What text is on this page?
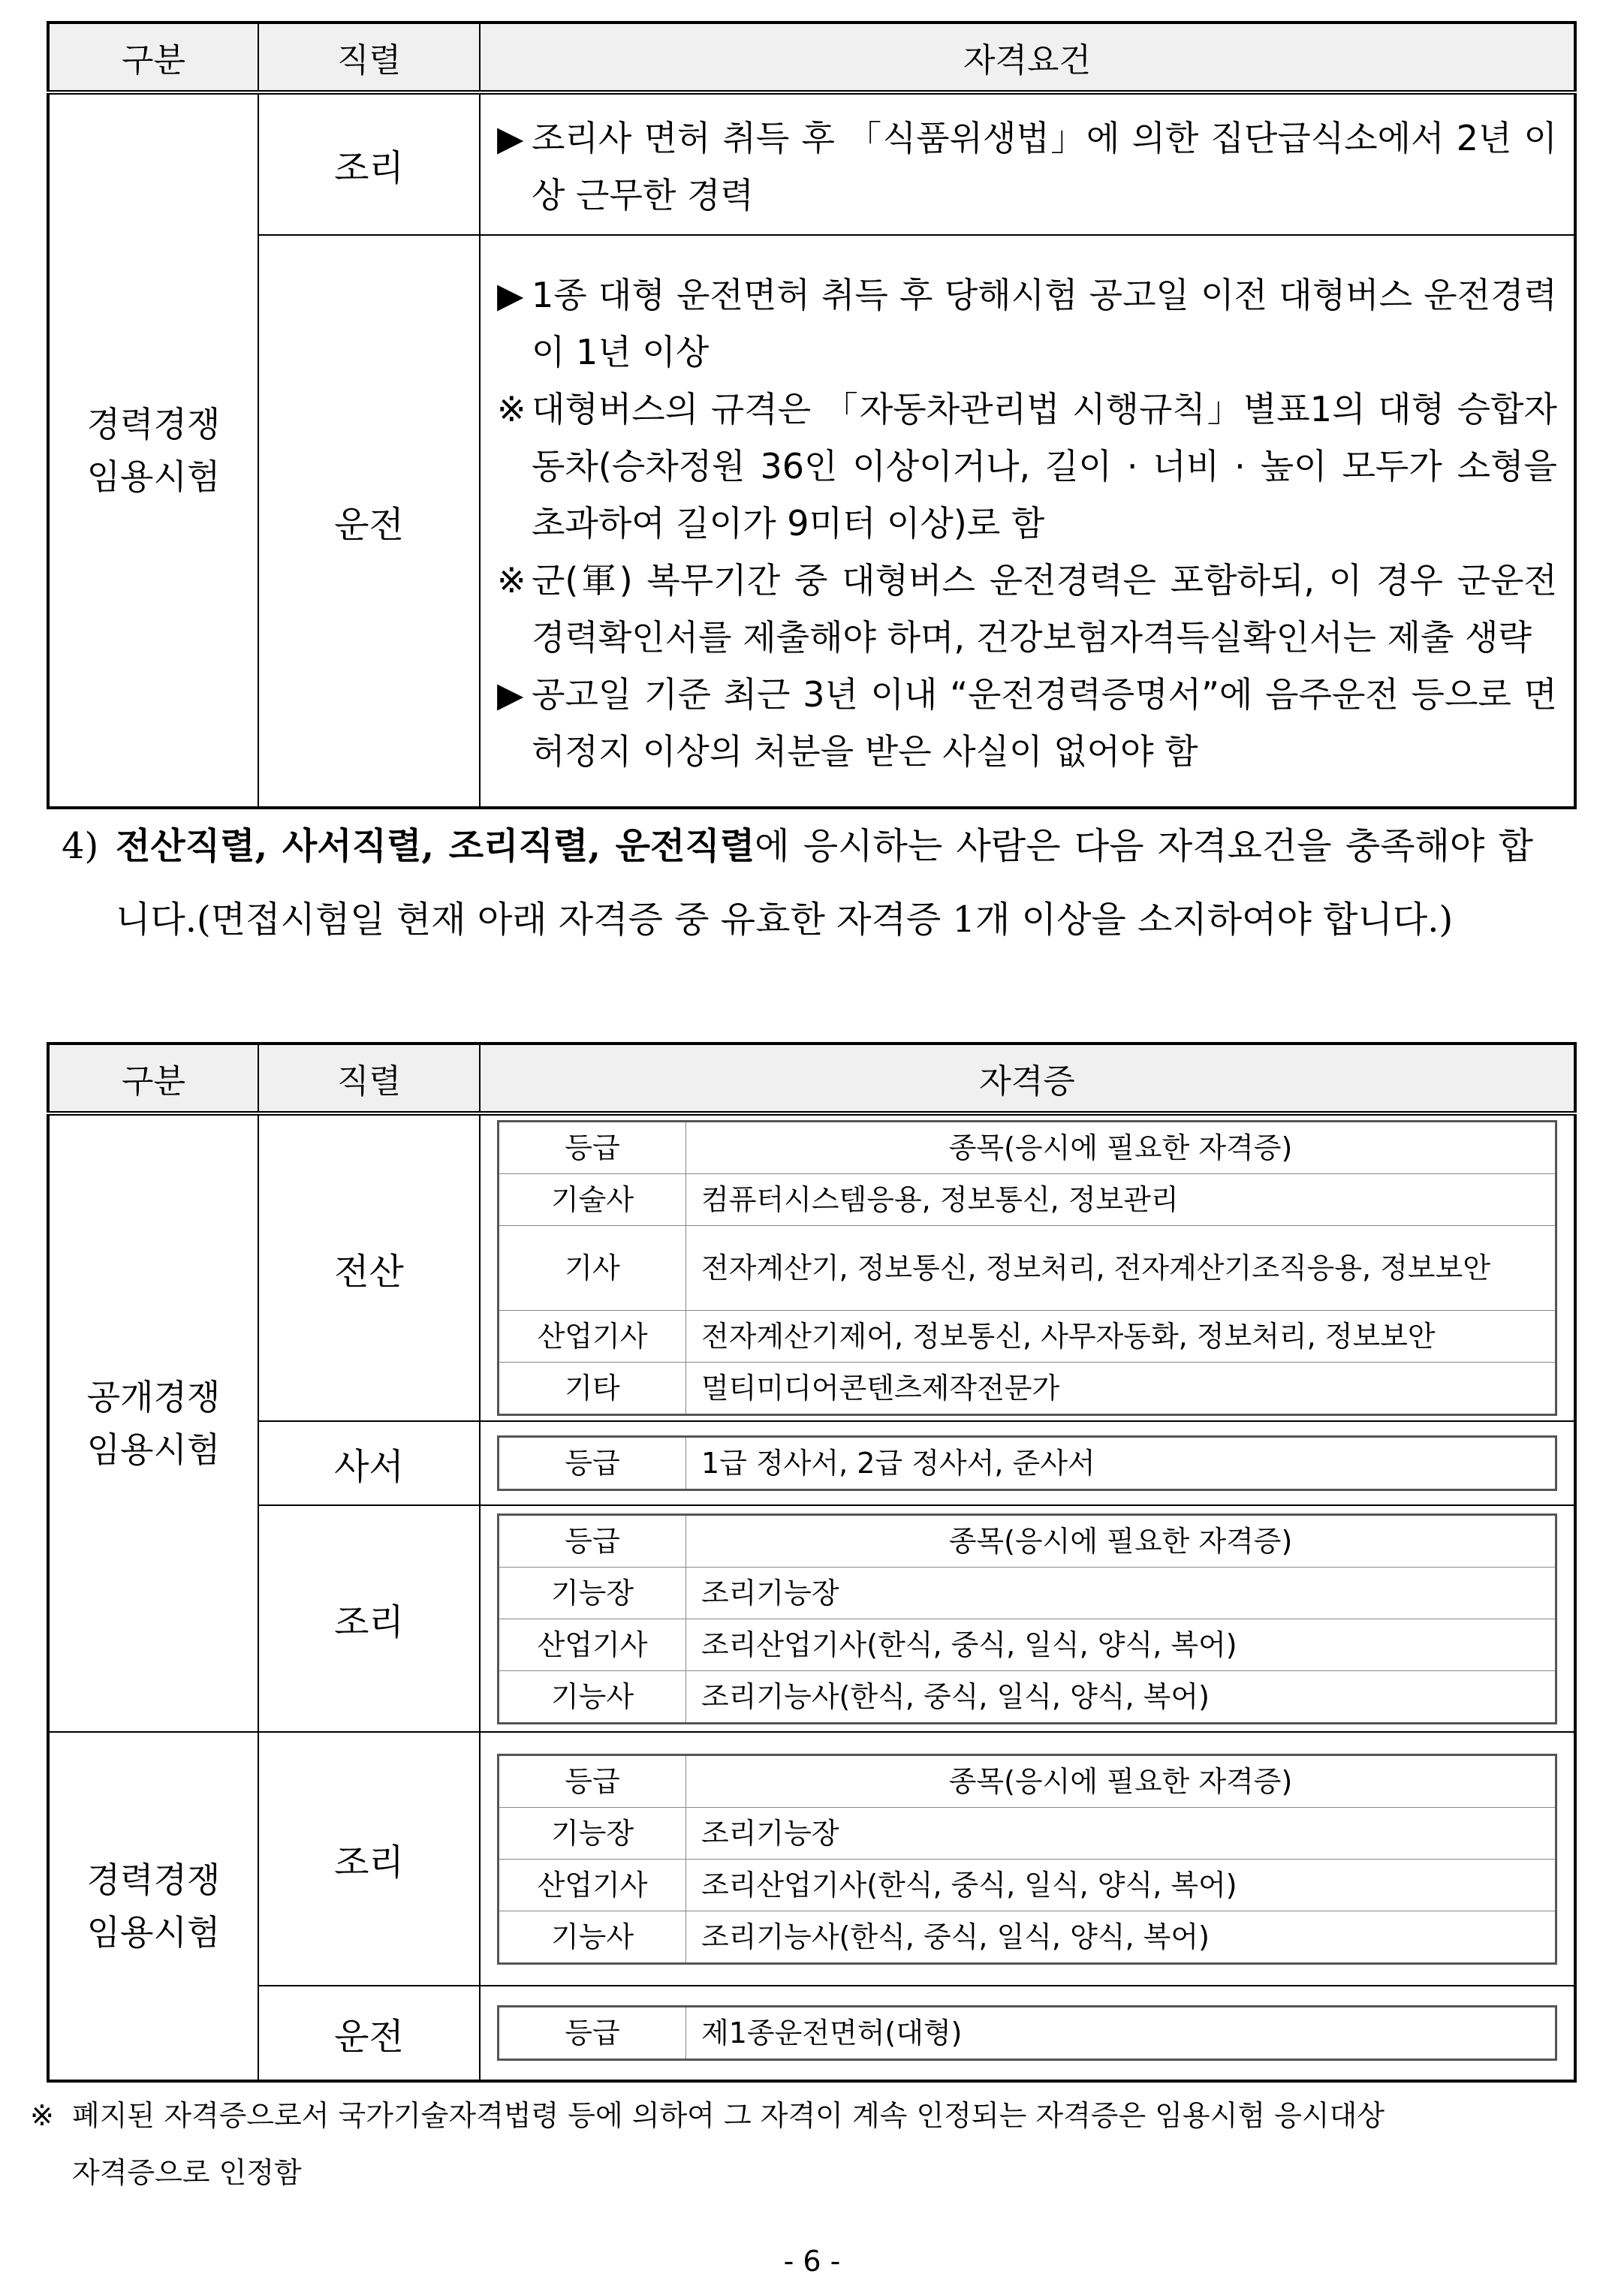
구분	직렬	자격요건
경력경쟁
임용시험	조리	▶ 조리사 면허 취득 후 「식품위생법」에 의한 집단급식소에서 2년 이상 근무한 경력

	운전	▶ 1종 대형 운전면허 취득 후 당해시험 공고일 이전 대형버스 운전경력이 1년 이상

※ 대형버스의 규격은 「자동차관리법 시행규칙」별표1의 대형 승합자동차(승차정원 36인 이상이거나, 길이 · 너비 · 높이 모두가 소형을 초과하여 길이가 9미터 이상)로 함

※ 군(軍) 복무기간 중 대형버스 운전경력은 포함하되, 이 경우 군운전경력확인서를 제출해야 하며, 건강보험자격득실확인서는 제출 생략

▶ 공고일 기준 최근 3년 이내 “운전경력증명서”에 음주운전 등으로 면허정지 이상의 처분을 받은 사실이 없어야 함

4) 전산직렬, 사서직렬, 조리직렬, 운전직렬에 응시하는 사람은 다음 자격요건을 충족해야 합니다.(면접시험일 현재 아래 자격증 중 유효한 자격증 1개 이상을 소지하여야 합니다.)

구분	직렬	자격증
공개경쟁
임용시험	전산	
등급	종목(응시에 필요한 자격증)
기술사	컴퓨터시스템응용, 정보통신, 정보관리
기사	전자계산기, 정보통신, 정보처리, 전자계산기조직응용, 정보보안
산업기사	전자계산기제어, 정보통신, 사무자동화, 정보처리, 정보보안
기타	멀티미디어콘텐츠제작전문가

사서		등급	1급 정사서, 2급 정사서, 준사서

조리	
등급	종목(응시에 필요한 자격증)
기능장	조리기능장
산업기사	조리산업기사(한식, 중식, 일식, 양식, 복어)
기능사	조리기능사(한식, 중식, 일식, 양식, 복어)

경력경쟁
임용시험	조리	
등급	종목(응시에 필요한 자격증)
기능장	조리기능장
산업기사	조리산업기사(한식, 중식, 일식, 양식, 복어)
기능사	조리기능사(한식, 중식, 일식, 양식, 복어)

운전		등급	제1종운전면허(대형)
※ 폐지된 자격증으로서 국가기술자격법령 등에 의하여 그 자격이 계속 인정되는 자격증은 임용시험 응시대상
자격증으로 인정함
- 6 -
